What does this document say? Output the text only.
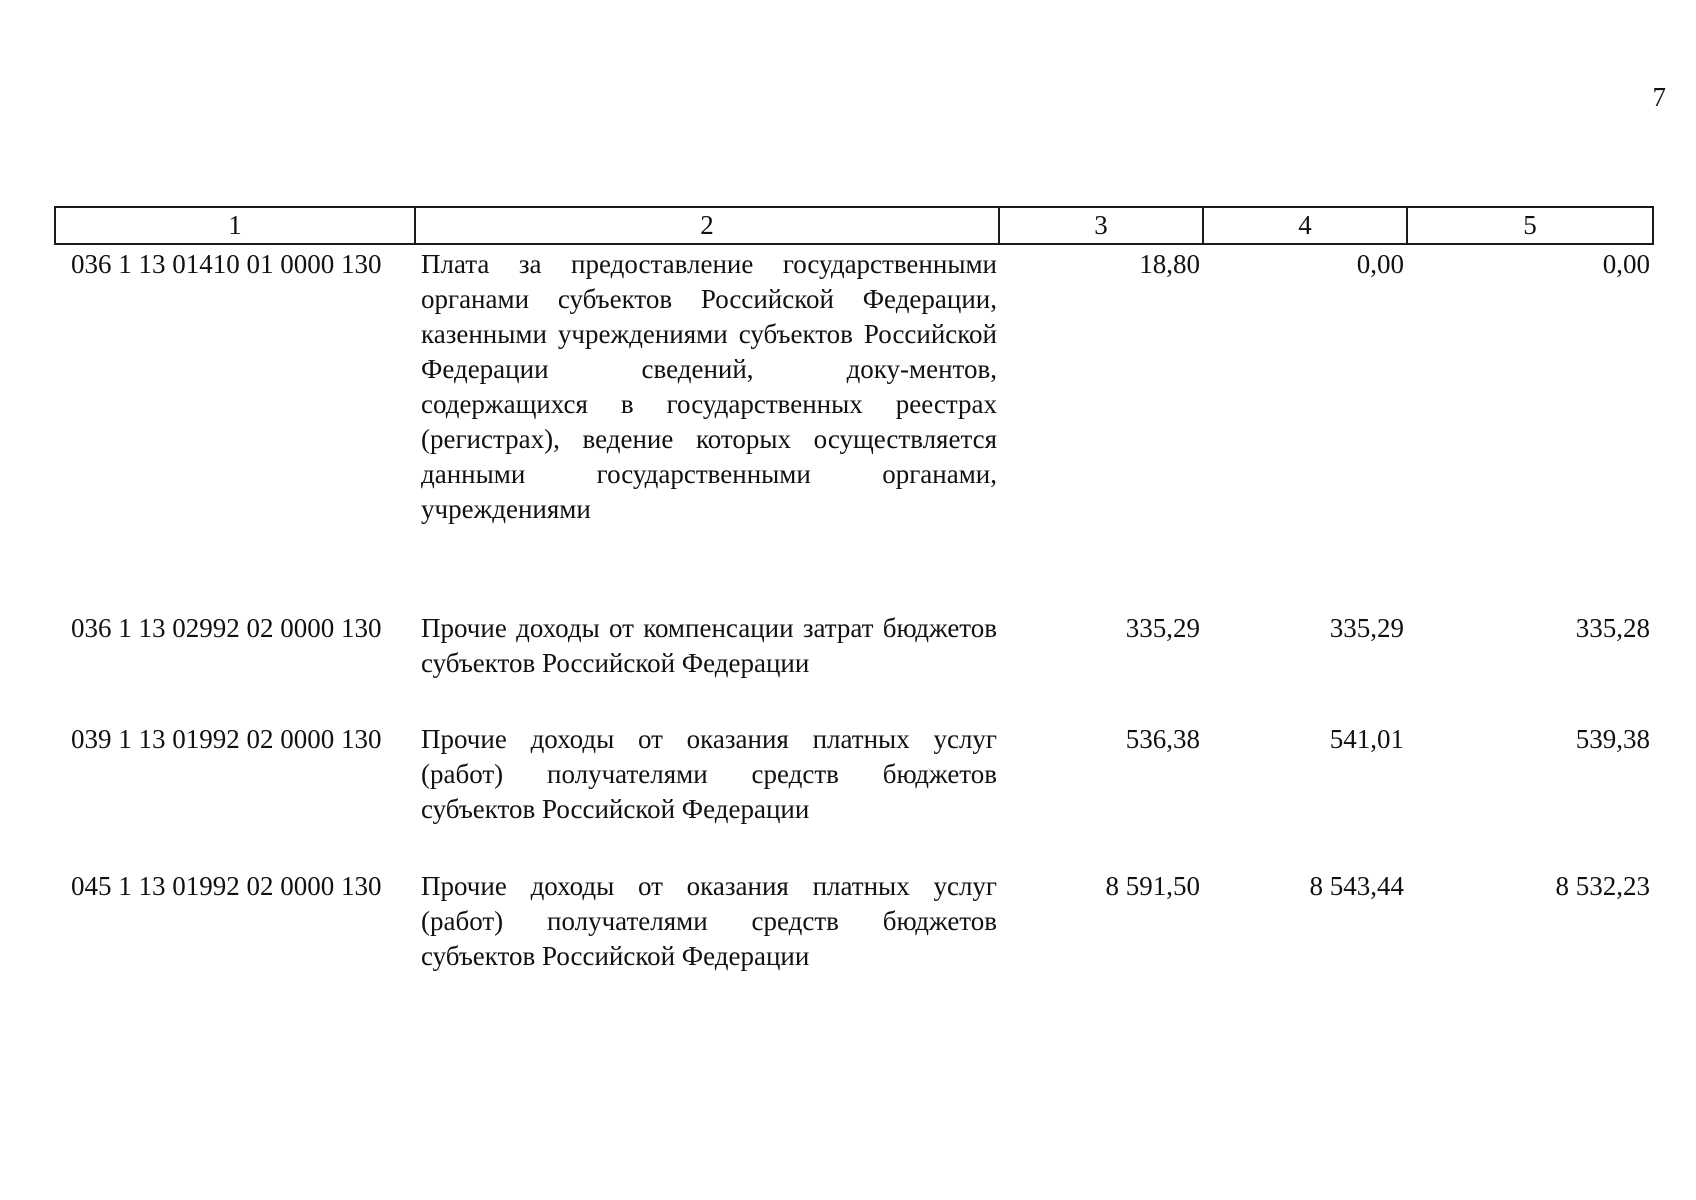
7
1	2	3	4	5
036 1 13 01410 01 0000 130	Плата за предоставление государственными органами субъектов Российской Федерации, казенными учреждениями субъектов Российской Федерации сведений, доку-ментов, содержащихся в государственных реестрах (регистрах), ведение которых осуществляется данными государственными органами, учреждениями	18,80	0,00	0,00
036 1 13 02992 02 0000 130	Прочие доходы от компенсации затрат бюджетов субъектов Российской Федерации	335,29	335,29	335,28
039 1 13 01992 02 0000 130	Прочие доходы от оказания платных услуг (работ) получателями средств бюджетов субъектов Российской Федерации	536,38	541,01	539,38
045 1 13 01992 02 0000 130	Прочие доходы от оказания платных услуг (работ) получателями средств бюджетов субъектов Российской Федерации	8 591,50	8 543,44	8 532,23
